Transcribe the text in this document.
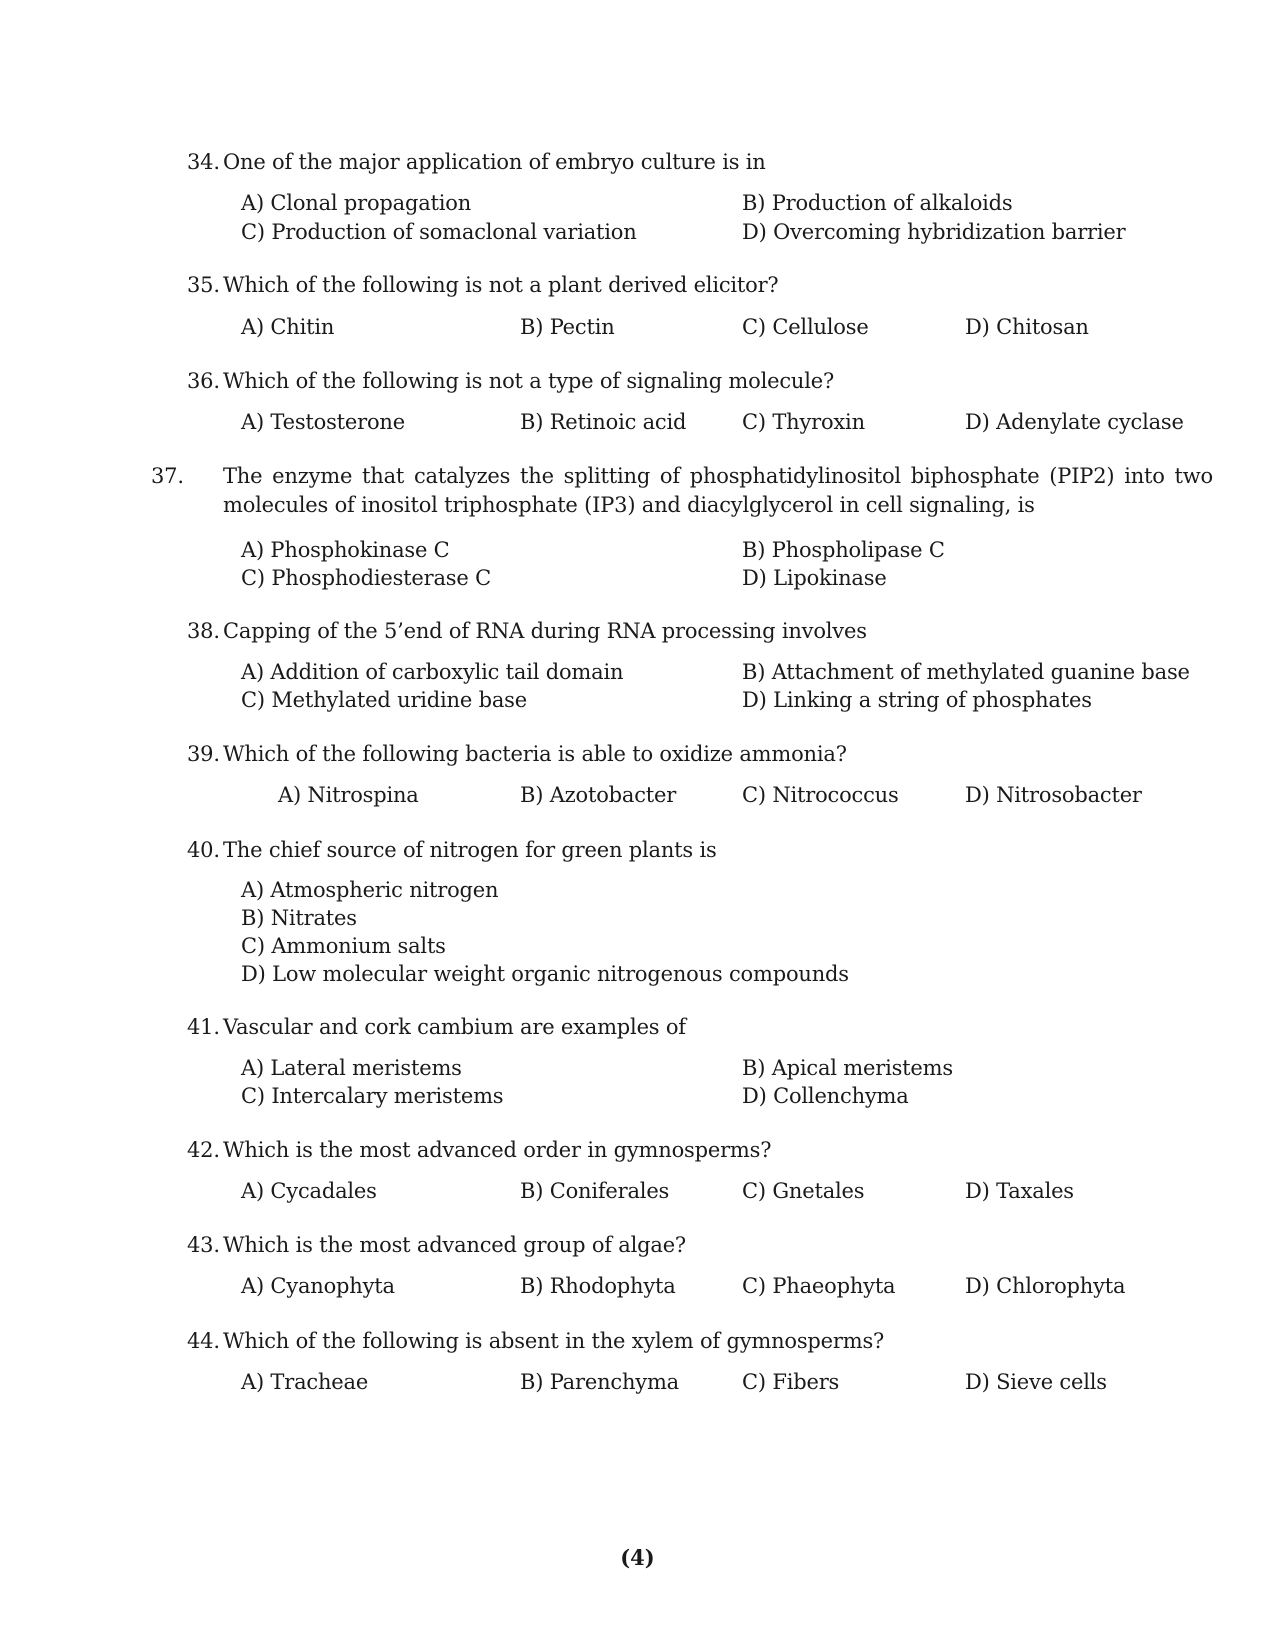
34. One of the major application of embryo culture is in
A) Clonal propagation	B) Production of alkaloids
C) Production of somaclonal variation	D) Overcoming hybridization barrier
35. Which of the following is not a plant derived elicitor?
A) Chitin	B) Pectin	C) Cellulose	D) Chitosan
36. Which of the following is not a type of signaling molecule?
A) Testosterone	B) Retinoic acid	C) Thyroxin	D) Adenylate cyclase
37. The enzyme that catalyzes the splitting of phosphatidylinositol biphosphate (PIP2) into two molecules of inositol triphosphate (IP3) and diacylglycerol in cell signaling, is
A) Phosphokinase C	B) Phospholipase C
C) Phosphodiesterase C	D) Lipokinase
38. Capping of the 5’end of RNA during RNA processing involves
A) Addition of carboxylic tail domain	B) Attachment of methylated guanine base
C) Methylated uridine base	D) Linking a string of phosphates
39. Which of the following bacteria is able to oxidize ammonia?
A) Nitrospina	B) Azotobacter	C) Nitrococcus	D) Nitrosobacter
40. The chief source of nitrogen for green plants is
A) Atmospheric nitrogen
B) Nitrates
C) Ammonium salts
D) Low molecular weight organic nitrogenous compounds
41. Vascular and cork cambium are examples of
A) Lateral meristems	B) Apical meristems
C) Intercalary meristems	D) Collenchyma
42. Which is the most advanced order in gymnosperms?
A) Cycadales	B) Coniferales	C) Gnetales	D) Taxales
43. Which is the most advanced group of algae?
A) Cyanophyta	B) Rhodophyta	C) Phaeophyta	D) Chlorophyta
44. Which of the following is absent in the xylem of gymnosperms?
A) Tracheae	B) Parenchyma	C) Fibers	D) Sieve cells
(4)
